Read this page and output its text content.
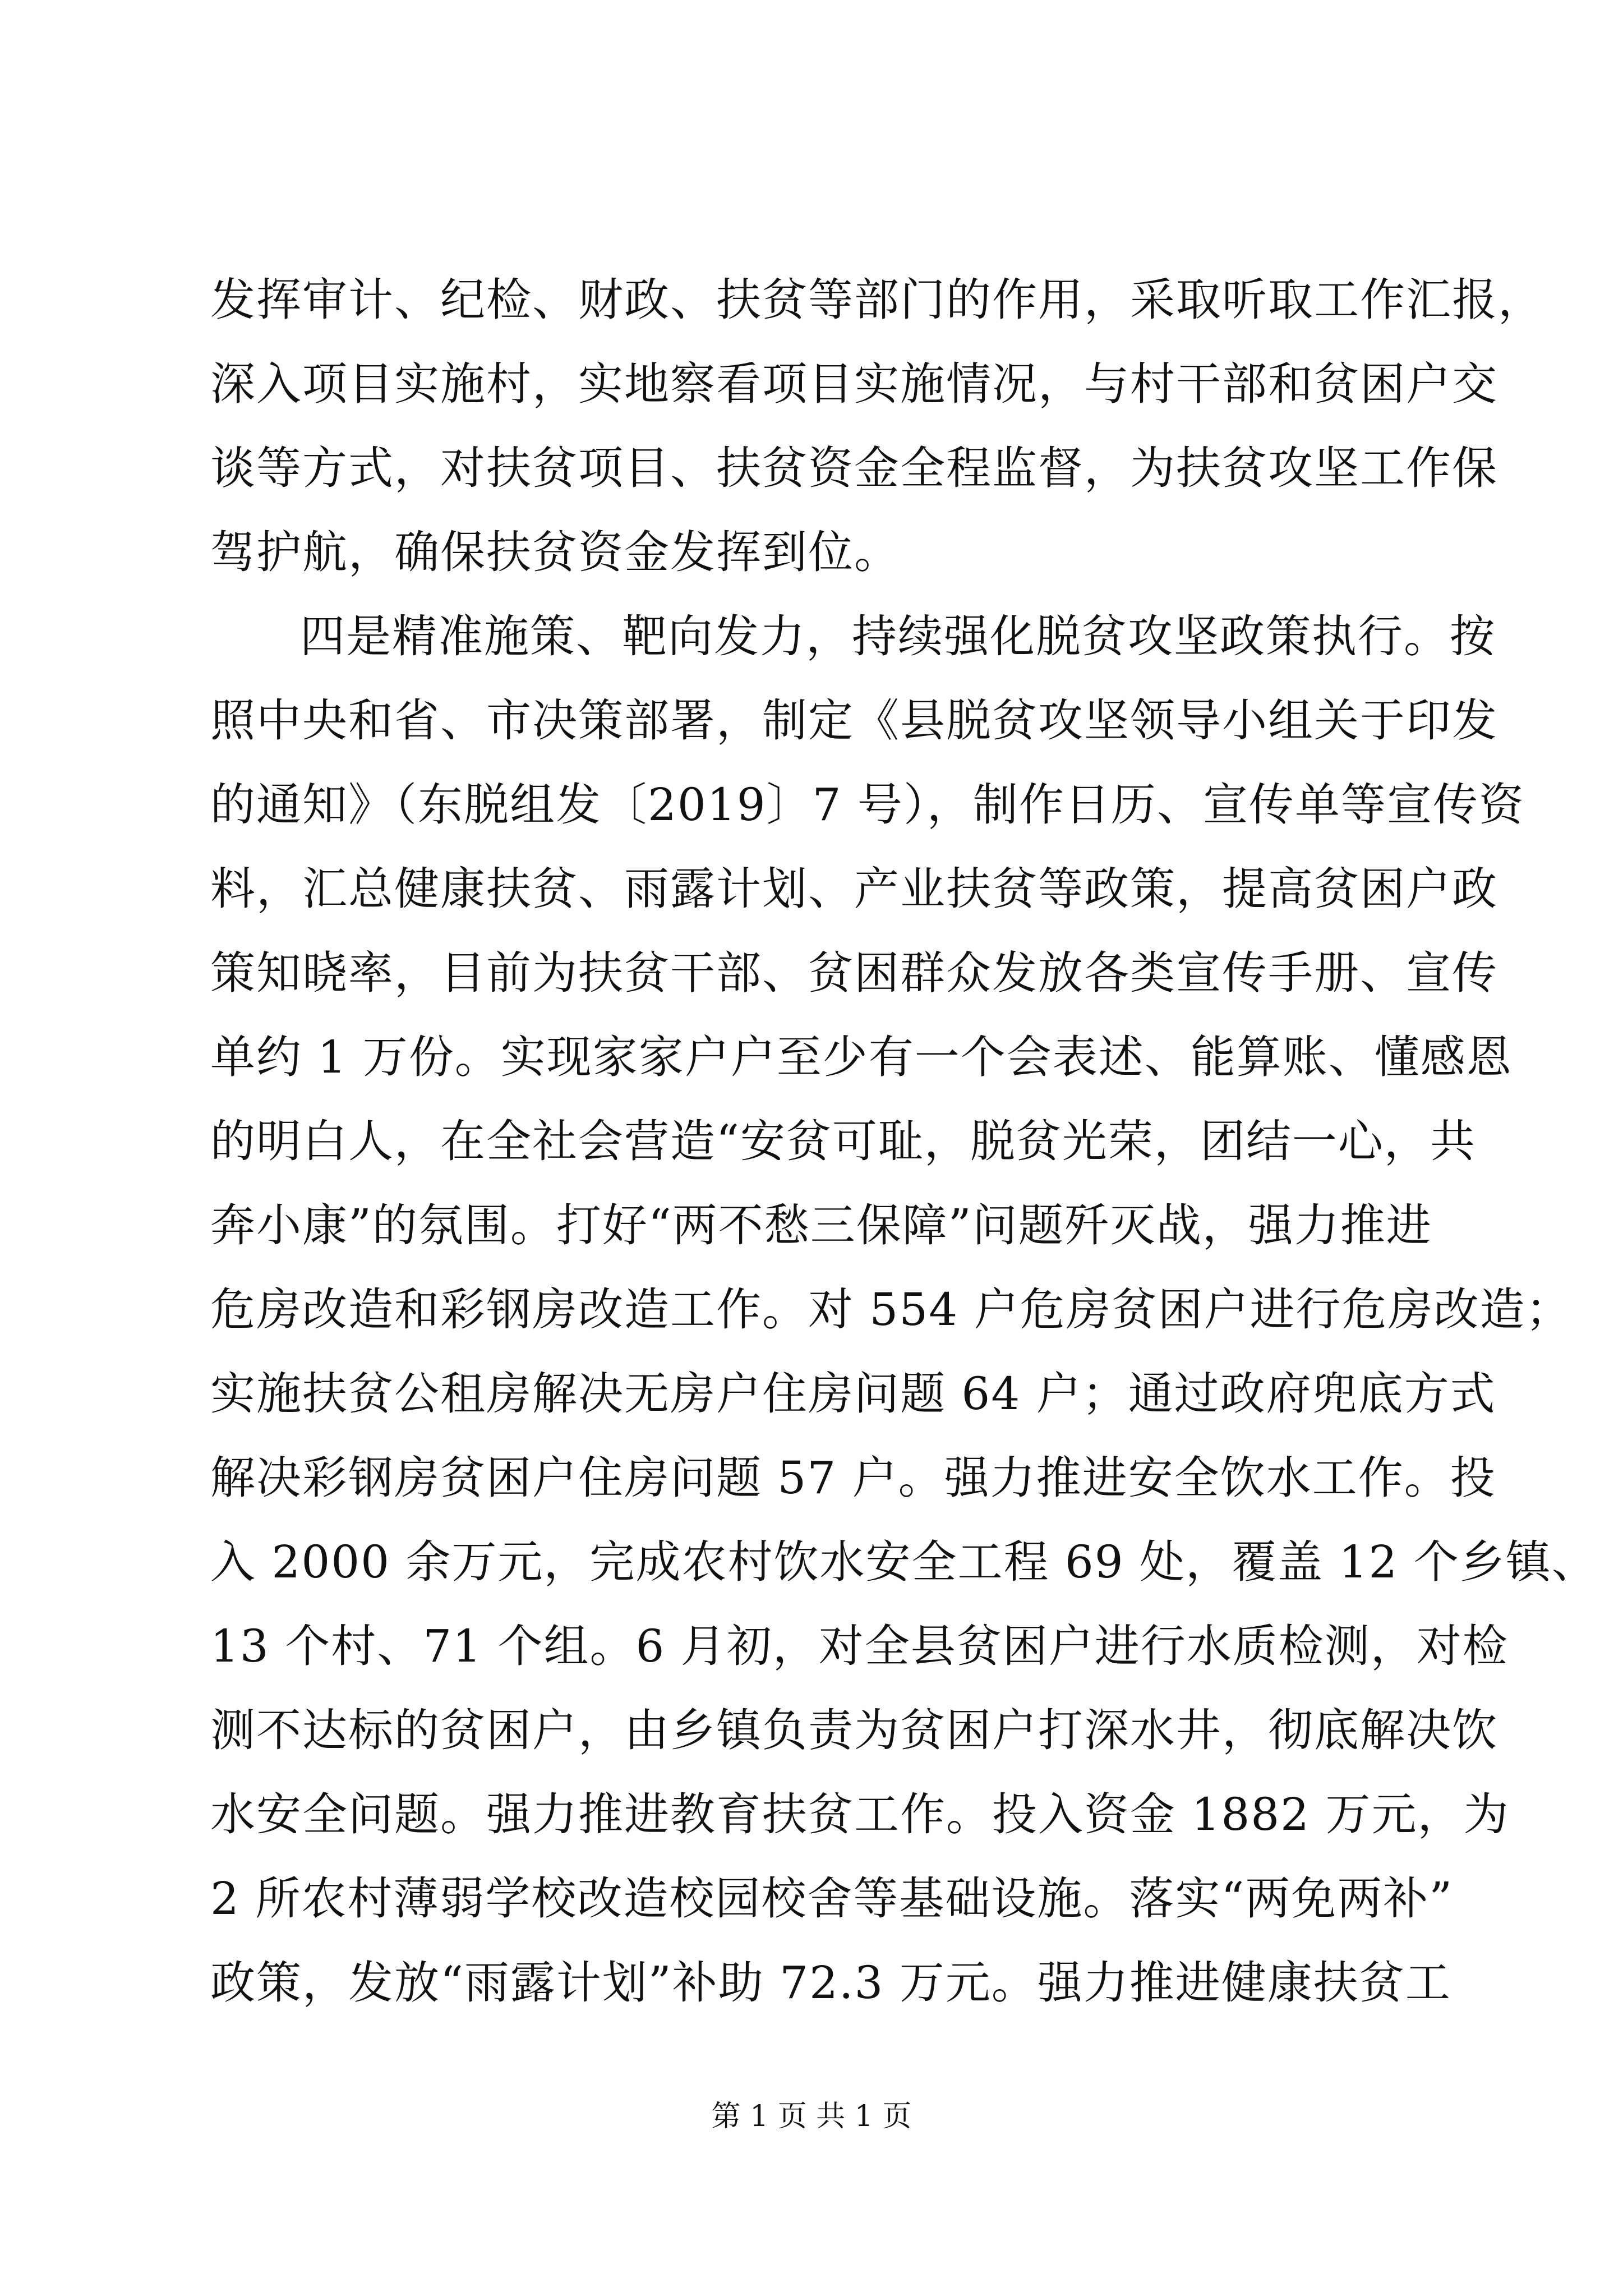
发挥审计、纪检、财政、扶贫等部门的作用，采取听取工作汇报，
深入项目实施村，实地察看项目实施情况，与村干部和贫困户交
谈等方式，对扶贫项目、扶贫资金全程监督，为扶贫攻坚工作保
驾护航，确保扶贫资金发挥到位。
四是精准施策、靶向发力，持续强化脱贫攻坚政策执行。按
照中央和省、市决策部署，制定《县脱贫攻坚领导小组关于印发
的通知》（东脱组发〔2019〕7 号），制作日历、宣传单等宣传资
料，汇总健康扶贫、雨露计划、产业扶贫等政策，提高贫困户政
策知晓率，目前为扶贫干部、贫困群众发放各类宣传手册、宣传
单约 1 万份。实现家家户户至少有一个会表述、能算账、懂感恩
的明白人，在全社会营造“安贫可耻，脱贫光荣，团结一心，共
奔小康”的氛围。打好“两不愁三保障”问题歼灭战，强力推进
危房改造和彩钢房改造工作。对 554 户危房贫困户进行危房改造；
实施扶贫公租房解决无房户住房问题 64 户；通过政府兜底方式
解决彩钢房贫困户住房问题 57 户。强力推进安全饮水工作。投
入 2000 余万元，完成农村饮水安全工程 69 处，覆盖 12 个乡镇、
13 个村、71 个组。6 月初，对全县贫困户进行水质检测，对检
测不达标的贫困户，由乡镇负责为贫困户打深水井，彻底解决饮
水安全问题。强力推进教育扶贫工作。投入资金 1882 万元，为
2 所农村薄弱学校改造校园校舍等基础设施。落实“两免两补”
政策，发放“雨露计划”补助 72.3 万元。强力推进健康扶贫工
第 1 页 共 1 页
